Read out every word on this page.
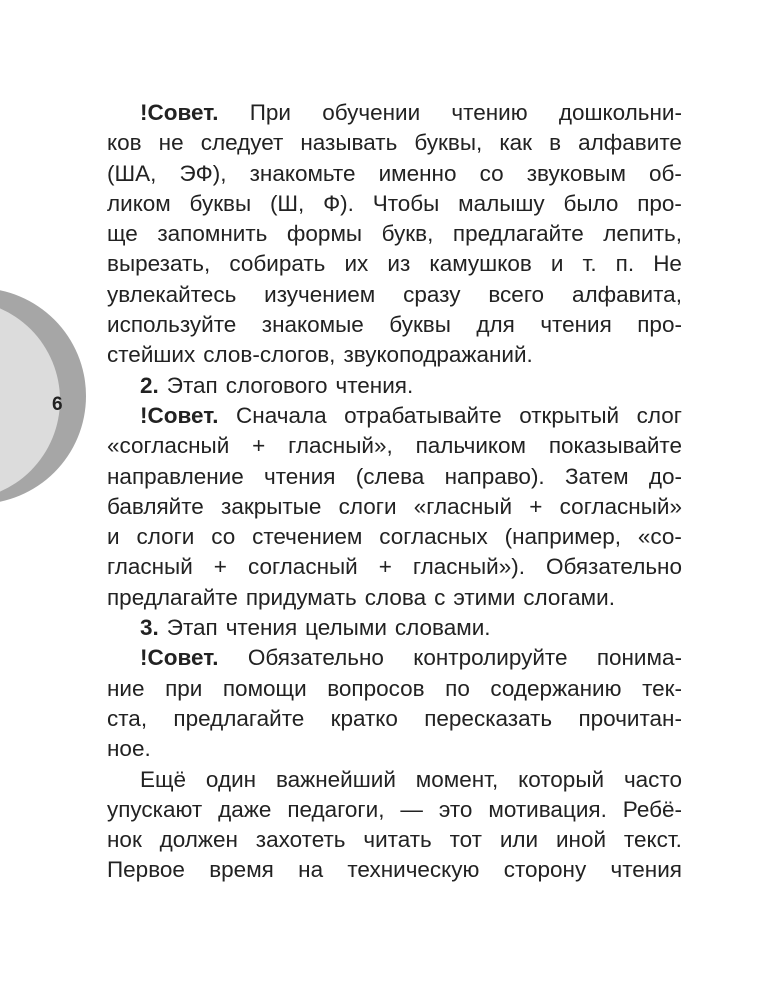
6
!Совет. При обучении чтению дошкольни-
ков не следует называть буквы, как в алфавите
(ША, ЭФ), знакомьте именно со звуковым об-
ликом буквы (Ш, Ф). Чтобы малышу было про-
ще запомнить формы букв, предлагайте лепить,
вырезать, собирать их из камушков и т. п. Не
увлекайтесь изучением сразу всего алфавита,
используйте знакомые буквы для чтения про-
стейших слов-слогов, звукоподражаний.
2. Этап слогового чтения.
!Совет. Сначала отрабатывайте открытый слог
«согласный + гласный», пальчиком показывайте
направление чтения (слева направо). Затем до-
бавляйте закрытые слоги «гласный + согласный»
и слоги со стечением согласных (например, «со-
гласный + согласный + гласный»). Обязательно
предлагайте придумать слова с этими слогами.
3. Этап чтения целыми словами.
!Совет. Обязательно контролируйте понима-
ние при помощи вопросов по содержанию тек-
ста, предлагайте кратко пересказать прочитан-
ное.
Ещё один важнейший момент, который часто
упускают даже педагоги, — это мотивация. Ребё-
нок должен захотеть читать тот или иной текст.
Первое время на техническую сторону чтения
